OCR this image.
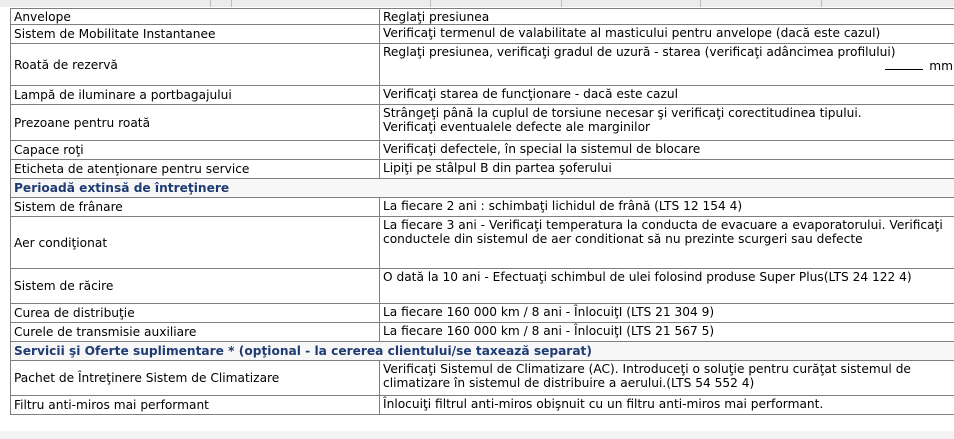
Anvelope	Reglaţi presiunea
Sistem de Mobilitate Instantanee	Verificaţi termenul de valabilitate al masticului pentru anvelope (dacă este cazul)
Roată de rezervă	Reglaţi presiunea, verificaţi gradul de uzură - starea (verificaţi adâncimea profilului)
mm

Lampă de iluminare a portbagajului	Verificaţi starea de funcţionare - dacă este cazul
Prezoane pentru roată	Strângeţi până la cuplul de torsiune necesar şi verificaţi corectitudinea tipului. Verificaţi eventualele defecte ale marginilor
Capace roţi	Verificaţi defectele, în special la sistemul de blocare
Eticheta de atenţionare pentru service	Lipiţi pe stâlpul B din partea şoferului
Perioadă extinsă de întreţinere	
Sistem de frânare	La fiecare 2 ani : schimbaţi lichidul de frână (LTS 12 154 4)
Aer condiţionat	La fiecare 3 ani - Verificaţi temperatura la conducta de evacuare a evaporatorului. Verificaţi conductele din sistemul de aer conditionat să nu prezinte scurgeri sau defecte
Sistem de răcire	O dată la 10 ani - Efectuaţi schimbul de ulei folosind produse Super Plus(LTS 24 122 4)
Curea de distribuţie	La fiecare 160 000 km / 8 ani - ÎnlocuiţI (LTS 21 304 9)
Curele de transmisie auxiliare	La fiecare 160 000 km / 8 ani - ÎnlocuiţI (LTS 21 567 5)
Servicii şi Oferte suplimentare * (opţional - la cererea clientului/se taxează separat)	
Pachet de Întreţinere Sistem de Climatizare	Verificaţi Sistemul de Climatizare (AC). Introduceţi o soluţie pentru curăţat sistemul de climatizare în sistemul de distribuire a aerului.(LTS 54 552 4)
Filtru anti-miros mai performant	Înlocuiţi filtrul anti-miros obişnuit cu un filtru anti-miros mai performant.
